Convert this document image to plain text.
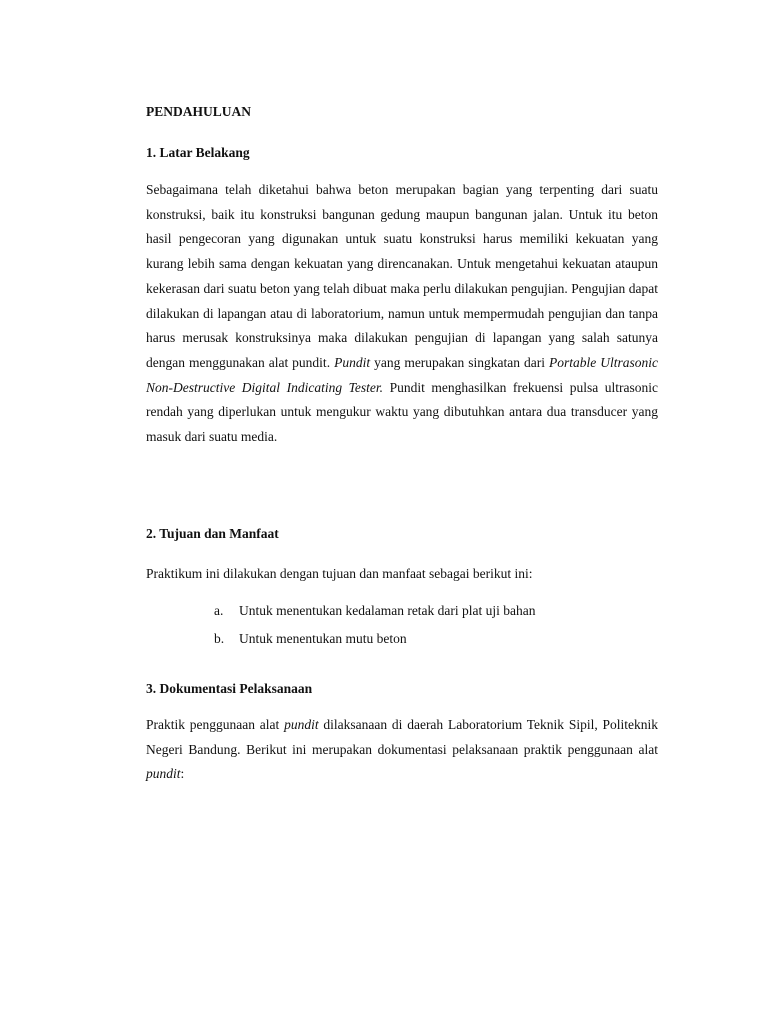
PENDAHULUAN
1. Latar Belakang
Sebagaimana telah diketahui bahwa beton merupakan bagian yang terpenting dari suatu konstruksi, baik itu konstruksi bangunan gedung maupun bangunan jalan. Untuk itu beton hasil pengecoran yang digunakan untuk suatu konstruksi harus memiliki kekuatan yang kurang lebih sama dengan kekuatan yang direncanakan. Untuk mengetahui kekuatan ataupun kekerasan dari suatu beton yang telah dibuat maka perlu dilakukan pengujian. Pengujian dapat dilakukan di lapangan atau di laboratorium, namun untuk mempermudah pengujian dan tanpa harus merusak konstruksinya maka dilakukan pengujian di lapangan yang salah satunya dengan menggunakan alat pundit. Pundit yang merupakan singkatan dari Portable Ultrasonic Non-Destructive Digital Indicating Tester. Pundit menghasilkan frekuensi pulsa ultrasonic rendah yang diperlukan untuk mengukur waktu yang dibutuhkan antara dua transducer yang masuk dari suatu media.
2. Tujuan dan Manfaat
Praktikum ini dilakukan dengan tujuan dan manfaat sebagai berikut ini:
a.	Untuk menentukan kedalaman retak dari plat uji bahan
b.	Untuk menentukan mutu beton
3. Dokumentasi Pelaksanaan
Praktik penggunaan alat pundit dilaksanaan di daerah Laboratorium Teknik Sipil, Politeknik Negeri Bandung. Berikut ini merupakan dokumentasi pelaksanaan praktik penggunaan alat pundit:
